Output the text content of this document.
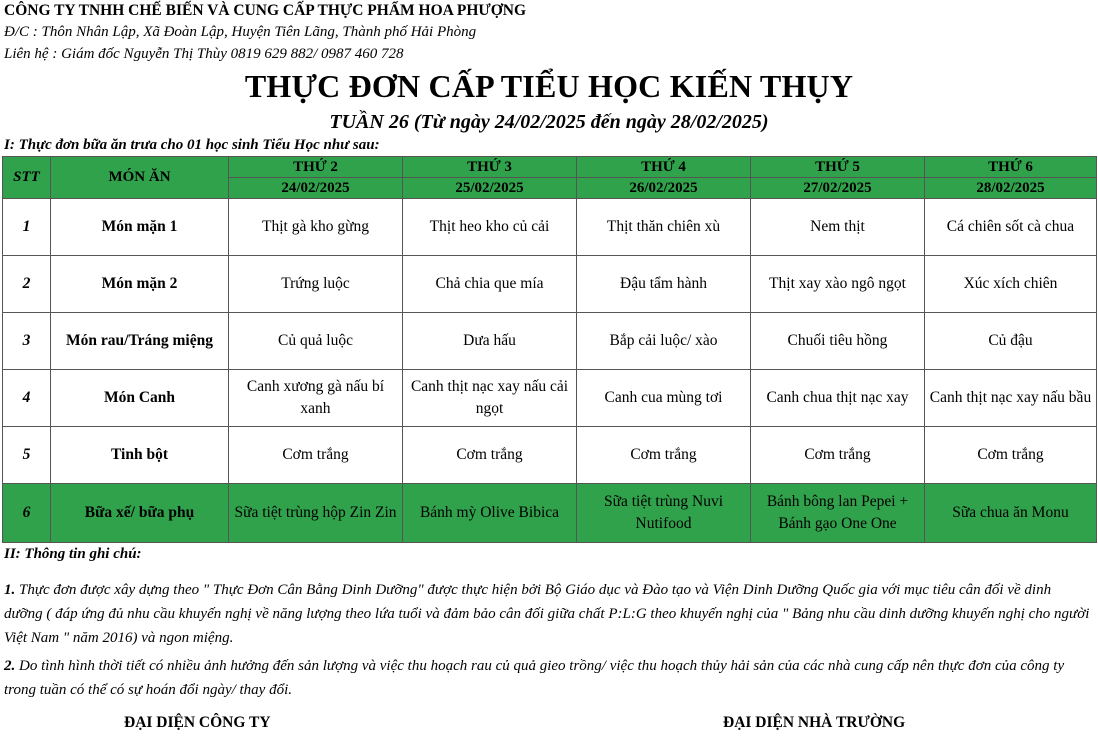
CÔNG TY TNHH CHẾ BIẾN VÀ CUNG CẤP THỰC PHẨM HOA PHƯỢNG
Đ/C : Thôn Nhân Lập, Xã Đoàn Lập, Huyện Tiên Lãng, Thành phố Hải Phòng
Liên hệ : Giám đốc Nguyễn Thị Thùy 0819 629 882/ 0987 460 728
THỰC ĐƠN CẤP TIỂU HỌC KIẾN THỤY
TUẦN 26 (Từ ngày 24/02/2025 đến ngày 28/02/2025)
I: Thực đơn bữa ăn trưa cho 01 học sinh Tiểu Học như sau:
STT	MÓN ĂN	THỨ 2	THỨ 3	THỨ 4	THỨ 5	THỨ 6
		24/02/2025	25/02/2025	26/02/2025	27/02/2025	28/02/2025
1	Món mặn 1	Thịt gà kho gừng	Thịt heo kho củ cải	Thịt thăn chiên xù	Nem thịt	Cá chiên sốt cà chua
2	Món mặn 2	Trứng luộc	Chả chia que mía	Đậu tẩm hành	Thịt xay xào ngô ngọt	Xúc xích chiên
3	Món rau/Tráng miệng	Củ quả luộc	Dưa hấu	Bắp cải luộc/ xào	Chuối tiêu hồng	Củ đậu
4	Món Canh	Canh xương gà nấu bí xanh	Canh thịt nạc xay nấu cải ngọt	Canh cua mùng tơi	Canh chua thịt nạc xay	Canh thịt nạc xay nấu bầu
5	Tinh bột	Cơm trắng	Cơm trắng	Cơm trắng	Cơm trắng	Cơm trắng
6	Bữa xế/ bữa phụ	Sữa tiệt trùng hộp Zin Zin	Bánh mỳ Olive Bibica	Sữa tiệt trùng Nuvi Nutifood	Bánh bông lan Pepei + Bánh gạo One One	Sữa chua ăn Monu
II: Thông tin ghi chú:
1. Thực đơn được xây dựng theo " Thực Đơn Cân Bằng Dinh Dưỡng" được thực hiện bởi Bộ Giáo dục và Đào tạo và Viện Dinh Dưỡng Quốc gia với mục tiêu cân đối về dinh dưỡng ( đáp ứng đủ nhu cầu khuyến nghị về năng lượng theo lứa tuổi và đảm bảo cân đối giữa chất P:L:G theo khuyến nghị của " Bảng nhu cầu dinh dưỡng khuyến nghị cho người Việt Nam " năm 2016) và ngon miệng.
2. Do tình hình thời tiết có nhiều ảnh hưởng đến sản lượng và việc thu hoạch rau củ quả gieo trồng/ việc thu hoạch thủy hải sản của các nhà cung cấp nên thực đơn của công ty trong tuần có thể có sự hoán đổi ngày/ thay đổi.
ĐẠI DIỆN CÔNG TY	ĐẠI DIỆN NHÀ TRƯỜNG
